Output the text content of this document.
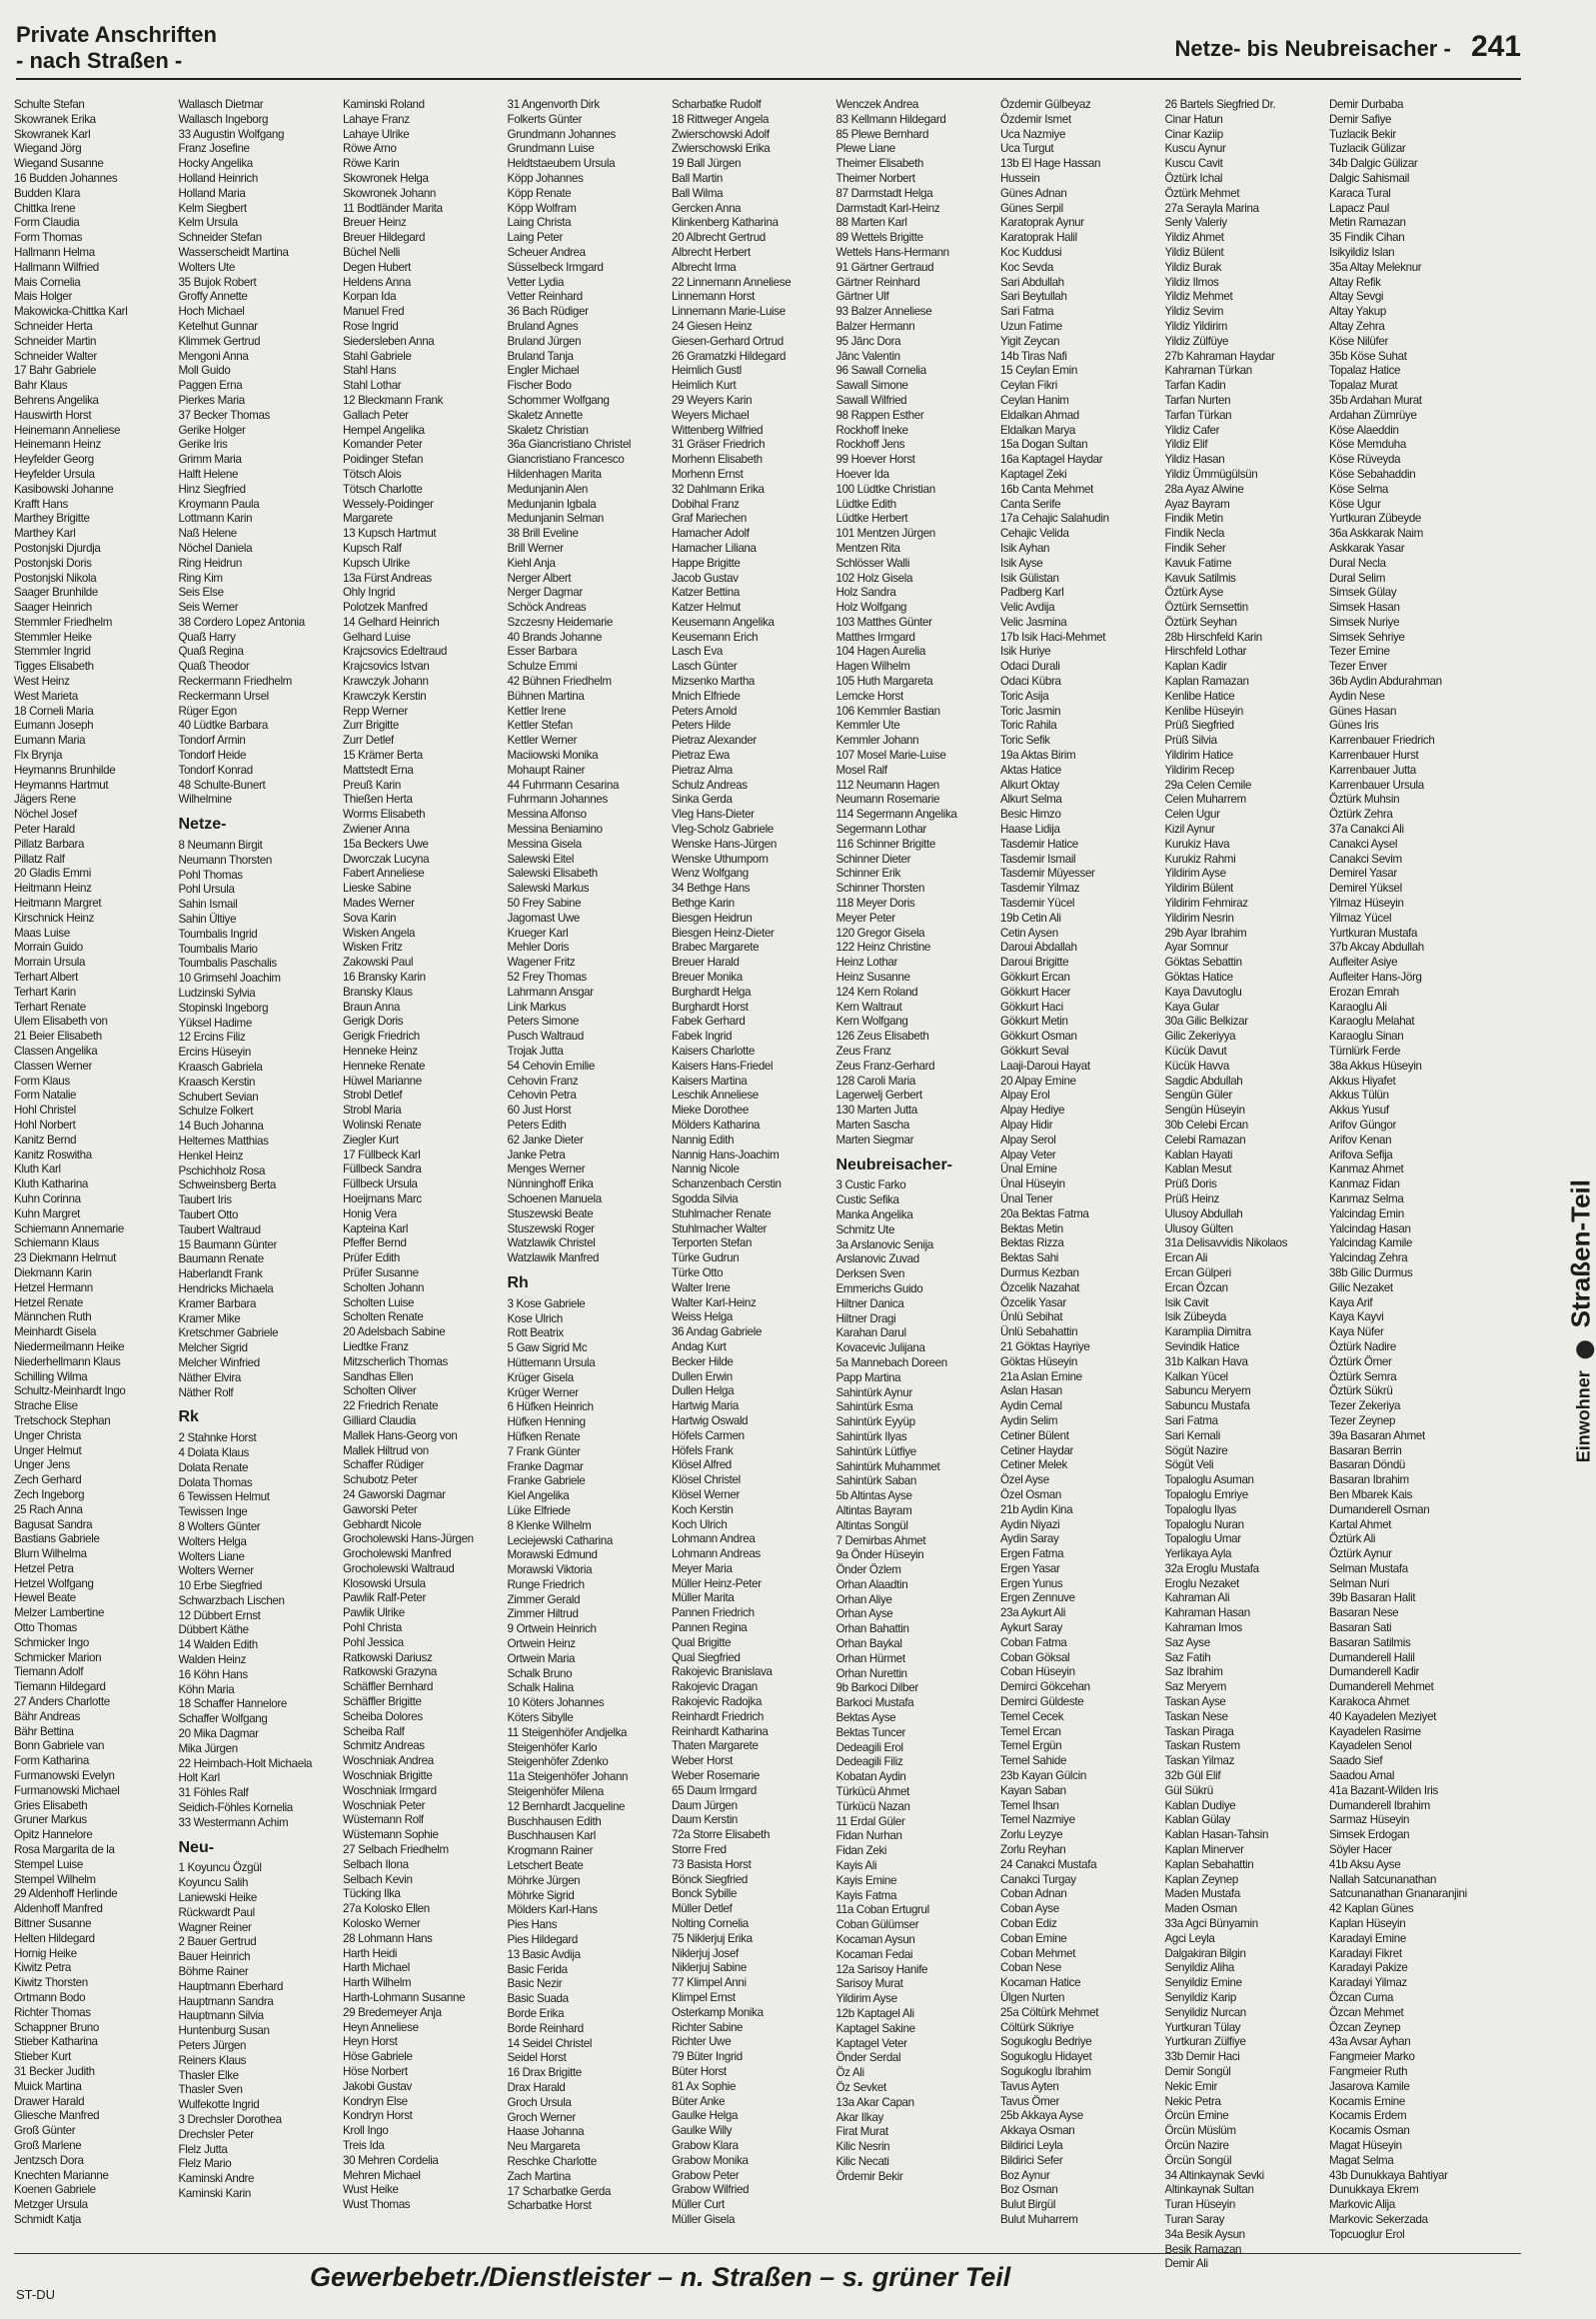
Private Anschriften
- nach Straßen -	Netze- bis Neubreisacher - 241
Schulte Stefan
Skowranek Erika
Skowranek Karl
Wiegand Jörg
Wiegand Susanne
16 Budden Johannes
Budden Klara
Chittka Irene
Form Claudia
Form Thomas
Hallmann Helma
Hallmann Wilfried
Mais Cornelia
Mais Holger
Makowicka-Chittka Karl
Schneider Herta
Schneider Martin
Schneider Walter
17 Bahr Gabriele
Bahr Klaus
Behrens Angelika
Hauswirth Horst
Heinemann Anneliese
Heinemann Heinz
Heyfelder Georg
Heyfelder Ursula
Kasibowski Johanne
Krafft Hans
Marthey Brigitte
Marthey Karl
Postonjski Djurdja
Postonjski Doris
Postonjski Nikola
Saager Brunhilde
Saager Heinrich
Stemmler Friedhelm
Stemmler Heike
Stemmler Ingrid
Tigges Elisabeth
West Heinz
West Marieta
18 Corneli Maria
Eumann Joseph
Eumann Maria
Flx Brynja
Heymanns Brunhilde
Heymanns Hartmut
Jägers Rene
Nöchel Josef
Peter Harald
Pillatz Barbara
Pillatz Ralf
20 Gladis Emmi
Heitmann Heinz
Heitmann Margret
Kirschnick Heinz
Maas Luise
Morrain Guido
Morrain Ursula
Terhart Albert
Terhart Karin
Terhart Renate
Ulem Elisabeth von
21 Beier Elisabeth
Classen Angelika
Classen Werner
Form Klaus
Form Natalie
Hohl Christel
Hohl Norbert
Kanitz Bernd
Kanitz Roswitha
Kluth Karl
Kluth Katharina
Kuhn Corinna
Kuhn Margret
Schiemann Annemarie
Schiemann Klaus
23 Diekmann Helmut
Diekmann Karin
Hetzel Hermann
Hetzel Renate
Männchen Ruth
Meinhardt Gisela
Niedermeilmann Heike
Niederhellmann Klaus
Schilling Wilma
Schultz-Meinhardt Ingo
Strache Elise
Tretschock Stephan
Unger Christa
Unger Helmut
Unger Jens
Zech Gerhard
Zech Ingeborg
25 Rach Anna
Bagusat Sandra
Bastians Gabriele
Blum Wilhelma
Hetzel Petra
Hetzel Wolfgang
Hewel Beate
Melzer Lambertine
Otto Thomas
Schmicker Ingo
Schmicker Marion
Tiemann Adolf
Tiemann Hildegard
27 Anders Charlotte
Bähr Andreas
Bähr Bettina
Bonn Gabriele van
Form Katharina
Furmanowski Evelyn
Furmanowski Michael
Gries Elisabeth
Gruner Markus
Opitz Hannelore
Rosa Margarita de la
Stempel Luise
Stempel Wilhelm
29 Aldenhoff Herlinde
Aldenhoff Manfred
Bittner Susanne
Helten Hildegard
Hornig Heike
Kiwitz Petra
Kiwitz Thorsten
Ortmann Bodo
Richter Thomas
Schappner Bruno
Stieber Katharina
Stieber Kurt
31 Becker Judith
Muick Martina
Drawer Harald
Gliesche Manfred
Groß Günter
Groß Marlene
Jentzsch Dora
Knechten Marianne
Koenen Gabriele
Metzger Ursula
Schmidt Katja
Wallasch Dietmar
Wallasch Ingeborg
33 Augustin Wolfgang
Franz Josefine
Hocky Angelika
Holland Heinrich
Holland Maria
Kelm Siegbert
Kelm Ursula
Schneider Stefan
Wasserscheidt Martina
Wolters Ute
35 Bujok Robert
Groffy Annette
Hoch Michael
Ketelhut Gunnar
Klimmek Gertrud
Mengoni Anna
Moll Guido
Paggen Erna
Pierkes Maria
37 Becker Thomas
Gerike Holger
Gerike Iris
Grimm Maria
Halft Helene
Hinz Siegfried
Kroymann Paula
Lottmann Karin
Naß Helene
Nöchel Daniela
Ring Heidrun
Ring Kim
Seis Else
Seis Werner
38 Cordero Lopez Antonia
Quaß Harry
Quaß Regina
Quaß Theodor
Reckermann Friedhelm
Reckermann Ursel
Rüger Egon
40 Lüdtke Barbara
Tondorf Armin
Tondorf Heide
Tondorf Konrad
48 Schulte-Bunert
Wilhelmine
Netze-
8 Neumann Birgit
Neumann Thorsten
Pohl Thomas
Pohl Ursula
Sahin Ismail
Sahin Ültiye
Toumbalis Ingrid
Toumbalis Mario
Toumbalis Paschalis
10 Grimsehl Joachim
Ludzinski Sylvia
Stopinski Ingeborg
Yüksel Hadime
12 Ercins Filiz
Ercins Hüseyin
Kraasch Gabriela
Kraasch Kerstin
Schubert Sevian
Schulze Folkert
14 Buch Johanna
Heltemes Matthias
Henkel Heinz
Pschichholz Rosa
Schweinsberg Berta
Taubert Iris
Taubert Otto
Taubert Waltraud
15 Baumann Günter
Baumann Renate
Haberlandt Frank
Hendricks Michaela
Kramer Barbara
Kramer Mike
Kretschmer Gabriele
Melcher Sigrid
Melcher Winfried
Näther Elvira
Näther Rolf
Rk
2 Stahnke Horst
4 Dolata Klaus
Dolata Renate
Dolata Thomas
6 Tewissen Helmut
Tewissen Inge
8 Wolters Günter
Wolters Helga
Wolters Liane
Wolters Werner
10 Erbe Siegfried
Schwarzbach Lischen
12 Dübbert Ernst
Dübbert Käthe
14 Walden Edith
Walden Heinz
16 Köhn Hans
Köhn Maria
18 Schaffer Hannelore
Schaffer Wolfgang
20 Mika Dagmar
Mika Jürgen
22 Heimbach-Holt Michaela
Holt Karl
31 Föhles Ralf
Seidich-Föhles Kornelia
33 Westermann Achim
Neu-
1 Koyuncu Özgül
Koyuncu Salih
Laniewski Heike
Rückwardt Paul
Wagner Reiner
2 Bauer Gertrud
Bauer Heinrich
Böhme Rainer
Hauptmann Eberhard
Hauptmann Sandra
Hauptmann Silvia
Huntenburg Susan
Peters Jürgen
Reiners Klaus
Thasler Elke
Thasler Sven
Wulfekotte Ingrid
3 Drechsler Dorothea
Drechsler Peter
Flelz Jutta
Flelz Mario
Kaminski Andre
Kaminski Karin
Kaminski Roland
Lahaye Franz
Lahaye Ulrike
Röwe Arno
Röwe Karin
Skowronek Helga
Skowronek Johann
11 Bodtländer Marita
Breuer Heinz
Breuer Hildegard
Büchel Nelli
Degen Hubert
Heldens Anna
Korpan Ida
Manuel Fred
Rose Ingrid
Siedersleben Anna
Stahl Gabriele
Stahl Hans
Stahl Lothar
12 Bleckmann Frank
Gallach Peter
Hempel Angelika
Komander Peter
Poidinger Stefan
Tötsch Alois
Tötsch Charlotte
Wessely-Poidinger
Margarete
13 Kupsch Hartmut
Kupsch Ralf
Kupsch Ulrike
13a Fürst Andreas
Ohly Ingrid
Polotzek Manfred
14 Gelhard Heinrich
Gelhard Luise
Krajcsovics Edeltraud
Krajcsovics Istvan
Krawczyk Johann
Krawczyk Kerstin
Repp Werner
Zurr Brigitte
Zurr Detlef
15 Krämer Berta
Mattstedt Erna
Preuß Karin
Thießen Herta
Worms Elisabeth
Zwiener Anna
15a Beckers Uwe
Dworczak Lucyna
Fabert Anneliese
Lieske Sabine
Mades Werner
Sova Karin
Wisken Angela
Wisken Fritz
Zakowski Paul
16 Bransky Karin
Bransky Klaus
Braun Anna
Gerigk Doris
Gerigk Friedrich
Henneke Heinz
Henneke Renate
Hüwel Marianne
Strobl Detlef
Strobl Maria
Wolinski Renate
Ziegler Kurt
17 Füllbeck Karl
Füllbeck Sandra
Füllbeck Ursula
Hoeijmans Marc
Honig Vera
Kapteina Karl
Pfeffer Bernd
Prüfer Edith
Prüfer Susanne
Scholten Johann
Scholten Luise
Scholten Renate
20 Adelsbach Sabine
Liedtke Franz
Mitzscherlich Thomas
Sandhas Ellen
Scholten Oliver
22 Friedrich Renate
Gilliard Claudia
Mallek Hans-Georg von
Mallek Hiltrud von
Schaffer Rüdiger
Schubotz Peter
24 Gaworski Dagmar
Gaworski Peter
Gebhardt Nicole
Grocholewski Hans-Jürgen
Grocholewski Manfred
Grocholewski Waltraud
Klosowski Ursula
Pawlik Ralf-Peter
Pawlik Ulrike
Pohl Christa
Pohl Jessica
Ratkowski Dariusz
Ratkowski Grazyna
Schäffler Bernhard
Schäffler Brigitte
Scheiba Dolores
Scheiba Ralf
Schmitz Andreas
Woschniak Andrea
Woschniak Brigitte
Woschniak Irmgard
Woschniak Peter
Wüstemann Rolf
Wüstemann Sophie
27 Selbach Friedhelm
Selbach Ilona
Selbach Kevin
Tücking Ilka
27a Kolosko Ellen
Kolosko Werner
28 Lohmann Hans
Harth Heidi
Harth Michael
Harth Wilhelm
Harth-Lohmann Susanne
29 Bredemeyer Anja
Heyn Anneliese
Heyn Horst
Höse Gabriele
Höse Norbert
Jakobi Gustav
Kondryn Else
Kondryn Horst
Kroll Ingo
Treis Ida
30 Mehren Cordelia
Mehren Michael
Wust Heike
Wust Thomas
31 Angenvorth Dirk
Folkerts Günter
Grundmann Johannes
Grundmann Luise
Heldtstaeubem Ursula
Köpp Johannes
Köpp Renate
Köpp Wolfram
Laing Christa
Laing Peter
Scheuer Andrea
Süsselbeck Irmgard
Vetter Lydia
Vetter Reinhard
36 Bach Rüdiger
Bruland Agnes
Bruland Jürgen
Bruland Tanja
Engler Michael
Fischer Bodo
Schommer Wolfgang
Skaletz Annette
Skaletz Christian
36a Giancristiano Christel
Giancristiano Francesco
Hildenhagen Marita
Medunjanin Alen
Medunjanin Igbala
Medunjanin Selman
38 Brill Eveline
Brill Werner
Kiehl Anja
Nerger Albert
Nerger Dagmar
Schöck Andreas
Szczesny Heidemarie
40 Brands Johanne
Esser Barbara
Schulze Emmi
42 Bühnen Friedhelm
Bühnen Martina
Kettler Irene
Kettler Stefan
Kettler Werner
Maciiowski Monika
Mohaupt Rainer
44 Fuhrmann Cesarina
Fuhrmann Johannes
Messina Alfonso
Messina Beniamino
Messina Gisela
Salewski Eitel
Salewski Elisabeth
Salewski Markus
50 Frey Sabine
Jagomast Uwe
Krueger Karl
Mehler Doris
Wagener Fritz
52 Frey Thomas
Lahrmann Ansgar
Link Markus
Peters Simone
Pusch Waltraud
Trojak Jutta
54 Cehovin Emilie
Cehovin Franz
Cehovin Petra
60 Just Horst
Peters Edith
62 Janke Dieter
Janke Petra
Menges Werner
Nünninghoff Erika
Schoenen Manuela
Stuszewski Beate
Stuszewski Roger
Watzlawik Christel
Watzlawik Manfred
Rh
3 Kose Gabriele
Kose Ulrich
Rott Beatrix
5 Gaw Sigrid Mc
Hüttemann Ursula
Krüger Gisela
Krüger Werner
6 Hüfken Heinrich
Hüfken Henning
Hüfken Renate
7 Frank Günter
Franke Dagmar
Franke Gabriele
Kiel Angelika
Lüke Elfriede
8 Klenke Wilhelm
Leciejewski Catharina
Morawski Edmund
Morawski Viktoria
Runge Friedrich
Zimmer Gerald
Zimmer Hiltrud
9 Ortwein Heinrich
Ortwein Heinz
Ortwein Maria
Schalk Bruno
Schalk Halina
10 Köters Johannes
Köters Sibylle
11 Steigenhöfer Andjelka
Steigenhöfer Karlo
Steigenhöfer Zdenko
11a Steigenhöfer Johann
Steigenhöfer Milena
12 Bernhardt Jacqueline
Buschhausen Edith
Buschhausen Karl
Krogmann Rainer
Letschert Beate
Möhrke Jürgen
Möhrke Sigrid
Mölders Karl-Hans
Pies Hans
Pies Hildegard
13 Basic Avdija
Basic Ferida
Basic Nezir
Basic Suada
Borde Erika
Borde Reinhard
14 Seidel Christel
Seidel Horst
16 Drax Brigitte
Drax Harald
Groch Ursula
Groch Werner
Haase Johanna
Neu Margareta
Reschke Charlotte
Zach Martina
17 Scharbatke Gerda
Scharbatke Horst
Scharbatke Rudolf
18 Rittweger Angela
Zwierschowski Adolf
Zwierschowski Erika
19 Ball Jürgen
Ball Martin
Ball Wilma
Gercken Anna
Klinkenberg Katharina
20 Albrecht Gertrud
Albrecht Herbert
Albrecht Irma
22 Linnemann Anneliese
Linnemann Horst
Linnemann Marie-Luise
24 Giesen Heinz
Giesen-Gerhard Ortrud
26 Gramatzki Hildegard
Heimlich Gustl
Heimlich Kurt
29 Weyers Karin
Weyers Michael
Wittenberg Wilfried
31 Gräser Friedrich
Morhenn Elisabeth
Morhenn Ernst
32 Dahlmann Erika
Dobihal Franz
Graf Mariechen
Hamacher Adolf
Hamacher Liliana
Happe Brigitte
Jacob Gustav
Katzer Bettina
Katzer Helmut
Keusemann Angelika
Keusemann Erich
Lasch Eva
Lasch Günter
Mizsenko Martha
Mnich Elfriede
Peters Arnold
Peters Hilde
Pietraz Alexander
Pietraz Ewa
Pietraz Alma
Schulz Andreas
Sinka Gerda
Vleg Hans-Dieter
Vleg-Scholz Gabriele
Wenske Hans-Jürgen
Wenske Uthumporn
Wenz Wolfgang
34 Bethge Hans
Bethge Karin
Biesgen Heidrun
Biesgen Heinz-Dieter
Brabec Margarete
Breuer Harald
Breuer Monika
Burghardt Helga
Burghardt Horst
Fabek Gerhard
Fabek Ingrid
Kaisers Charlotte
Kaisers Hans-Friedel
Kaisers Martina
Leschik Anneliese
Mieke Dorothee
Mölders Katharina
Nannig Edith
Nannig Hans-Joachim
Nannig Nicole
Schanzenbach Cerstin
Sgodda Silvia
Stuhlmacher Renate
Stuhlmacher Walter
Terporten Stefan
Türke Gudrun
Türke Otto
Walter Irene
Walter Karl-Heinz
Weiss Helga
36 Andag Gabriele
Andag Kurt
Becker Hilde
Dullen Erwin
Dullen Helga
Hartwig Maria
Hartwig Oswald
Höfels Carmen
Höfels Frank
Klösel Alfred
Klösel Christel
Klösel Werner
Koch Kerstin
Koch Ulrich
Lohmann Andrea
Lohmann Andreas
Meyer Maria
Müller Heinz-Peter
Müller Marita
Pannen Friedrich
Pannen Regina
Qual Brigitte
Qual Siegfried
Rakojevic Branislava
Rakojevic Dragan
Rakojevic Radojka
Reinhardt Friedrich
Reinhardt Katharina
Thaten Margarete
Weber Horst
Weber Rosemarie
65 Daum Irmgard
Daum Jürgen
Daum Kerstin
72a Storre Elisabeth
Storre Fred
73 Basista Horst
Bönck Siegfried
Bonck Sybille
Müller Detlef
Nolting Cornelia
75 Niklerjuj Erika
Niklerjuj Josef
Niklerjuj Sabine
77 Klimpel Anni
Klimpel Ernst
Osterkamp Monika
Richter Sabine
Richter Uwe
79 Büter Ingrid
Büter Horst
81 Ax Sophie
Büter Anke
Gaulke Helga
Gaulke Willy
Grabow Klara
Grabow Monika
Grabow Peter
Grabow Wilfried
Müller Curt
Müller Gisela
Wenczek Andrea
83 Kellmann Hildegard
85 Plewe Bernhard
Plewe Liane
Theimer Elisabeth
Theimer Norbert
87 Darmstadt Helga
Darmstadt Karl-Heinz
88 Marten Karl
89 Wettels Brigitte
Wettels Hans-Hermann
91 Gärtner Gertraud
Gärtner Reinhard
Gärtner Ulf
93 Balzer Anneliese
Balzer Hermann
95 Jānc Dora
Jānc Valentin
96 Sawall Cornelia
Sawall Simone
Sawall Wilfried
98 Rappen Esther
Rockhoff Ineke
Rockhoff Jens
99 Hoever Horst
Hoever Ida
100 Lüdtke Christian
Lüdtke Edith
Lüdtke Herbert
101 Mentzen Jürgen
Mentzen Rita
Schlösser Walli
102 Holz Gisela
Holz Sandra
Holz Wolfgang
103 Matthes Günter
Matthes Irmgard
104 Hagen Aurelia
Hagen Wilhelm
105 Huth Margareta
Lemcke Horst
106 Kemmler Bastian
Kemmler Ute
Kemmler Johann
107 Mosel Marie-Luise
Mosel Ralf
112 Neumann Hagen
Neumann Rosemarie
114 Segermann Angelika
Segermann Lothar
116 Schinner Brigitte
Schinner Dieter
Schinner Erik
Schinner Thorsten
118 Meyer Doris
Meyer Peter
120 Gregor Gisela
122 Heinz Christine
Heinz Lothar
Heinz Susanne
124 Kern Roland
Kern Waltraut
Kern Wolfgang
126 Zeus Elisabeth
Zeus Franz
Zeus Franz-Gerhard
128 Caroli Maria
Lagerwelj Gerbert
130 Marten Jutta
Marten Sascha
Marten Siegmar
Neubreisacher-
3 Custic Farko
Custic Sefika
Manka Angelika
Schmitz Ute
3a Arslanovic Senija
Arslanovic Zuvad
Derksen Sven
Emmerichs Guido
Hiltner Danica
Hiltner Dragi
Karahan Darul
Kovacevic Julijana
5a Mannebach Doreen
Papp Martina
Sahintürk Aynur
Sahintürk Esma
Sahintürk Eyyüp
Sahintürk Ilyas
Sahintürk Lütfiye
Sahintürk Muhammet
Sahintürk Saban
5b Altintas Ayse
Altintas Bayram
Altintas Songül
7 Demirbas Ahmet
9a Önder Hüseyin
Önder Özlem
Orhan Alaadtin
Orhan Aliye
Orhan Ayse
Orhan Bahattin
Orhan Baykal
Orhan Hürmet
Orhan Nurettin
9b Barkoci Dilber
Barkoci Mustafa
Bektas Ayse
Bektas Tuncer
Dedeagili Erol
Dedeagili Filiz
Kobatan Aydin
Türkücü Ahmet
Türkücü Nazan
11 Erdal Güler
Fidan Nurhan
Fidan Zeki
Kayis Ali
Kayis Emine
Kayis Fatma
11a Coban Ertugrul
Coban Gülümser
Kocaman Aysun
Kocaman Fedai
12a Sarisoy Hanife
Sarisoy Murat
Yildirim Ayse
12b Kaptagel Ali
Kaptagel Sakine
Kaptagel Veter
Önder Serdal
Öz Ali
Öz Sevket
13a Akar Capan
Akar Ilkay
Firat Murat
Kilic Nesrin
Kilic Necati
Ördemir Bekir
Özdemir Gülbeyaz
Özdemir Ismet
Uca Nazmiye
Uca Turgut
13b El Hage Hassan
Hussein
Günes Adnan
Günes Serpil
Karatoprak Aynur
Karatoprak Halil
Koc Kuddusi
Koc Sevda
Sari Abdullah
Sari Beytullah
Sari Fatma
Uzun Fatime
Yigit Zeycan
14b Tiras Nafi
15 Ceylan Emin
Ceylan Fikri
Ceylan Hanim
Eldalkan Ahmad
Eldalkan Marya
15a Dogan Sultan
16a Kaptagel Haydar
Kaptagel Zeki
16b Canta Mehmet
Canta Serife
17a Cehajic Salahudin
Cehajic Velida
Isik Ayhan
Isik Ayse
Isik Gülistan
Padberg Karl
Velic Avdija
Velic Jasmina
17b Isik Haci-Mehmet
Isik Huriye
Odaci Durali
Odaci Kübra
Toric Asija
Toric Jasmin
Toric Rahila
Toric Sefik
19a Aktas Birim
Aktas Hatice
Alkurt Oktay
Alkurt Selma
Besic Himzo
Haase Lidija
Tasdemir Hatice
Tasdemir Ismail
Tasdemir Müyesser
Tasdemir Yilmaz
Tasdemir Yücel
19b Cetin Ali
Cetin Aysen
Daroui Abdallah
Daroui Brigitte
Gökkurt Ercan
Gökkurt Hacer
Gökkurt Haci
Gökkurt Metin
Gökkurt Osman
Gökkurt Seval
Laaji-Daroui Hayat
20 Alpay Emine
Alpay Erol
Alpay Hediye
Alpay Hidir
Alpay Serol
Alpay Veter
Ünal Emine
Ünal Hüseyin
Ünal Tener
20a Bektas Fatma
Bektas Metin
Bektas Rizza
Bektas Sahi
Durmus Kezban
Özcelik Nazahat
Özcelik Yasar
Ünlü Sebihat
Ünlü Sebahattin
21 Göktas Hayriye
Göktas Hüseyin
21a Aslan Emine
Aslan Hasan
Aydin Cemal
Aydin Selim
Cetiner Bülent
Cetiner Haydar
Cetiner Melek
Özel Ayse
Özel Osman
21b Aydin Kina
Aydin Niyazi
Aydin Saray
Ergen Fatma
Ergen Yasar
Ergen Yunus
Ergen Zennuve
23a Aykurt Ali
Aykurt Saray
Coban Fatma
Coban Göksal
Coban Hüseyin
Demirci Gökcehan
Demirci Güldeste
Temel Cecek
Temel Ercan
Temel Ergün
Temel Sahide
23b Kayan Gülcin
Kayan Saban
Temel Ihsan
Temel Nazmiye
Zorlu Leyzye
Zorlu Reyhan
24 Canakci Mustafa
Canakci Turgay
Coban Adnan
Coban Ayse
Coban Ediz
Coban Emine
Coban Mehmet
Coban Nese
Kocaman Hatice
Ülgen Nurten
25a Cöltürk Mehmet
Cöltürk Sükriye
Sogukoglu Bedriye
Sogukoglu Hidayet
Sogukoglu Ibrahim
Tavus Ayten
Tavus Ömer
25b Akkaya Ayse
Akkaya Osman
Bildirici Leyla
Bildirici Sefer
Boz Aynur
Boz Osman
Bulut Birgül
Bulut Muharrem
26 Bartels Siegfried Dr.
Cinar Hatun
Cinar Kaziip
Kuscu Aynur
Kuscu Cavit
Öztürk Ichal
Öztürk Mehmet
27a Serayla Marina
Senly Valeriy
Yildiz Ahmet
Yildiz Bülent
Yildiz Burak
Yildiz Ilmos
Yildiz Mehmet
Yildiz Sevim
Yildiz Yildirim
Yildiz Zülfüye
27b Kahraman Haydar
Kahraman Türkan
Tarfan Kadin
Tarfan Nurten
Tarfan Türkan
Yildiz Cafer
Yildiz Elif
Yildiz Hasan
Yildiz Ümmügülsün
28a Ayaz Alwine
Ayaz Bayram
Findik Metin
Findik Necla
Findik Seher
Kavuk Fatime
Kavuk Satilmis
Öztürk Ayse
Öztürk Semsettin
Öztürk Seyhan
28b Hirschfeld Karin
Hirschfeld Lothar
Kaplan Kadir
Kaplan Ramazan
Kenlibe Hatice
Kenlibe Hüseyin
Prüß Siegfried
Prüß Silvia
Yildirim Hatice
Yildirim Recep
29a Celen Cemile
Celen Muharrem
Celen Ugur
Kizil Aynur
Kurukiz Hava
Kurukiz Rahmi
Yildirim Ayse
Yildirim Bülent
Yildirim Fehmiraz
Yildirim Nesrin
29b Ayar Ibrahim
Ayar Somnur
Göktas Sebattin
Göktas Hatice
Kaya Davutoglu
Kaya Gular
30a Gilic Belkizar
Gilic Zekeriyya
Kücük Davut
Kücük Havva
Sagdic Abdullah
Sengün Güler
Sengün Hüseyin
30b Celebi Ercan
Celebi Ramazan
Kablan Hayati
Kablan Mesut
Prüß Doris
Prüß Heinz
Ulusoy Abdullah
Ulusoy Gülten
31a Delisavvidis Nikolaos
Ercan Ali
Ercan Gülperi
Ercan Özcan
Isik Cavit
Isik Zübeyda
Karamplia Dimitra
Sevindik Hatice
31b Kalkan Hava
Kalkan Yücel
Sabuncu Meryem
Sabuncu Mustafa
Sari Fatma
Sari Kemali
Sögüt Nazire
Sögüt Veli
Topaloglu Asuman
Topaloglu Emriye
Topaloglu Ilyas
Topaloglu Nuran
Topaloglu Umar
Yerlikaya Ayla
32a Eroglu Mustafa
Eroglu Nezaket
Kahraman Ali
Kahraman Hasan
Kahraman Imos
Saz Ayse
Saz Fatih
Saz Ibrahim
Saz Meryem
Taskan Ayse
Taskan Nese
Taskan Piraga
Taskan Rustem
Taskan Yilmaz
32b Gül Elif
Gül Sükrü
Kablan Dudiye
Kablan Gülay
Kablan Hasan-Tahsin
Kaplan Minerver
Kaplan Sebahattin
Kaplan Zeynep
Maden Mustafa
Maden Osman
33a Agci Bünyamin
Agci Leyla
Dalgakiran Bilgin
Senyildiz Aliha
Senyildiz Emine
Senyildiz Karip
Senyildiz Nurcan
Yurtkuran Tülay
Yurtkuran Zülfiye
33b Demir Haci
Demir Songül
Nekic Emir
Nekic Petra
Örcün Emine
Örcün Müslüm
Örcün Nazire
Örcün Songül
34 Altinkaynak Sevki
Altinkaynak Sultan
Turan Hüseyin
Turan Saray
34a Besik Aysun
Besik Ramazan
Demir Ali
Demir Durbaba
Demir Safiye
Tuzlacik Bekir
Tuzlacik Gülizar
34b Dalgic Gülizar
Dalgic Sahismail
Karaca Tural
Lapacz Paul
Metin Ramazan
35 Findik Cihan
Isikyildiz Islan
35a Altay Meleknur
Altay Refik
Altay Sevgi
Altay Yakup
Altay Zehra
Köse Nilüfer
35b Köse Suhat
Topalaz Hatice
Topalaz Murat
35b Ardahan Murat
Ardahan Zümrüye
Köse Alaeddin
Köse Memduha
Köse Rüveyda
Köse Sebahaddin
Köse Selma
Köse Ugur
Yurtkuran Zübeyde
36a Askkarak Naim
Askkarak Yasar
Dural Necla
Dural Selim
Simsek Gülay
Simsek Hasan
Simsek Nuriye
Simsek Sehriye
Tezer Emine
Tezer Enver
36b Aydin Abdurahman
Aydin Nese
Günes Hasan
Günes Iris
Karrenbauer Friedrich
Karrenbauer Hurst
Karrenbauer Jutta
Karrenbauer Ursula
Öztürk Muhsin
Öztürk Zehra
37a Canakci Ali
Canakci Aysel
Canakci Sevim
Demirel Yasar
Demirel Yüksel
Yilmaz Hüseyin
Yilmaz Yücel
Yurtkuran Mustafa
37b Akcay Abdullah
Aufleiter Asiye
Aufleiter Hans-Jörg
Erozan Emrah
Karaoglu Ali
Karaoglu Melahat
Karaoglu Sinan
Türnlürk Ferde
38a Akkus Hüseyin
Akkus Hiyafet
Akkus Tülün
Akkus Yusuf
Arifov Güngor
Arifov Kenan
Arifova Sefija
Kanmaz Ahmet
Kanmaz Fidan
Kanmaz Selma
Yalcindag Emin
Yalcindag Hasan
Yalcindag Kamile
Yalcindag Zehra
38b Gilic Durmus
Gilic Nezaket
Kaya Arif
Kaya Kayvi
Kaya Nüfer
Öztürk Nadire
Öztürk Ömer
Öztürk Semra
Öztürk Sükrü
Tezer Zekeriya
Tezer Zeynep
39a Basaran Ahmet
Basaran Berrin
Basaran Döndü
Basaran Ibrahim
Ben Mbarek Kais
Dumanderell Osman
Kartal Ahmet
Öztürk Ali
Öztürk Aynur
Selman Mustafa
Selman Nuri
39b Basaran Halit
Basaran Nese
Basaran Sati
Basaran Satilmis
Dumanderell Halil
Dumanderell Kadir
Dumanderell Mehmet
Karakoca Ahmet
40 Kayadelen Meziyet
Kayadelen Rasime
Kayadelen Senol
Saado Sief
Saadou Amal
41a Bazant-Wilden Iris
Dumanderell Ibrahim
Sarmaz Hüseyin
Simsek Erdogan
Söyler Hacer
41b Aksu Ayse
Nallah Satcunanathan
Satcunanathan Gnanaranjini
42 Kaplan Günes
Kaplan Hüseyin
Karadayi Emine
Karadayi Fikret
Karadayi Pakize
Karadayi Yilmaz
Özcan Cuma
Özcan Mehmet
Özcan Zeynep
43a Avsar Ayhan
Fangmeier Marko
Fangmeier Ruth
Jasarova Kamile
Kocamis Emine
Kocamis Erdem
Kocamis Osman
Magat Hüseyin
Magat Selma
43b Dunukkaya Bahtiyar
Dunukkaya Ekrem
Markovic Alija
Markovic Sekerzada
Topcuoglur Erol
Einwohner  Straßen-Teil
ST-DU
Gewerbebetr./Dienstleister – n. Straßen – s. grüner Teil
